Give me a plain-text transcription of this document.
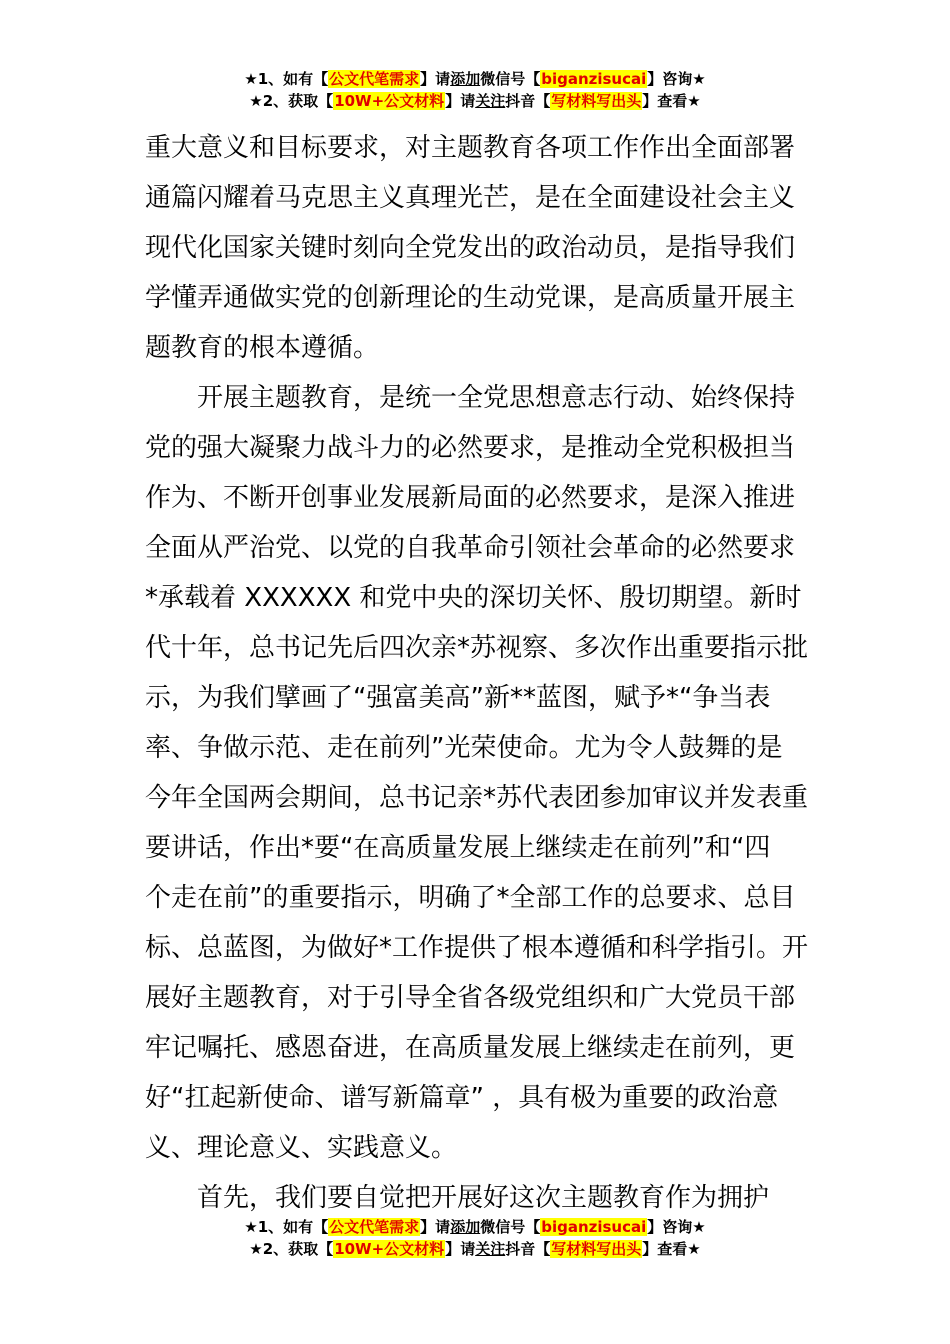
★1、如有【公文代笔需求】请添加微信号【biganzisucai】咨询★
★2、获取【10W+公文材料】请关注抖音【写材料写出头】查看★
重大意义和目标要求，对主题教育各项工作作出全面部署
通篇闪耀着马克思主义真理光芒，是在全面建设社会主义
现代化国家关键时刻向全党发出的政治动员，是指导我们
学懂弄通做实党的创新理论的生动党课，是高质量开展主
题教育的根本遵循。
开展主题教育，是统一全党思想意志行动、始终保持
党的强大凝聚力战斗力的必然要求，是推动全党积极担当
作为、不断开创事业发展新局面的必然要求，是深入推进
全面从严治党、以党的自我革命引领社会革命的必然要求
*承载着 XXXXXX 和党中央的深切关怀、殷切期望。新时
代十年，总书记先后四次亲*苏视察、多次作出重要指示批
示，为我们擘画了“强富美高”新**蓝图，赋予*“争当表
率、争做示范、走在前列”光荣使命。尤为令人鼓舞的是
今年全国两会期间，总书记亲*苏代表团参加审议并发表重
要讲话，作出*要“在高质量发展上继续走在前列”和“四
个走在前”的重要指示，明确了*全部工作的总要求、总目
标、总蓝图，为做好*工作提供了根本遵循和科学指引。开
展好主题教育，对于引导全省各级党组织和广大党员干部
牢记嘱托、感恩奋进，在高质量发展上继续走在前列，更
好“扛起新使命、谱写新篇章” ，具有极为重要的政治意
义、理论意义、实践意义。
首先，我们要自觉把开展好这次主题教育作为拥护
★1、如有【公文代笔需求】请添加微信号【biganzisucai】咨询★
★2、获取【10W+公文材料】请关注抖音【写材料写出头】查看★
